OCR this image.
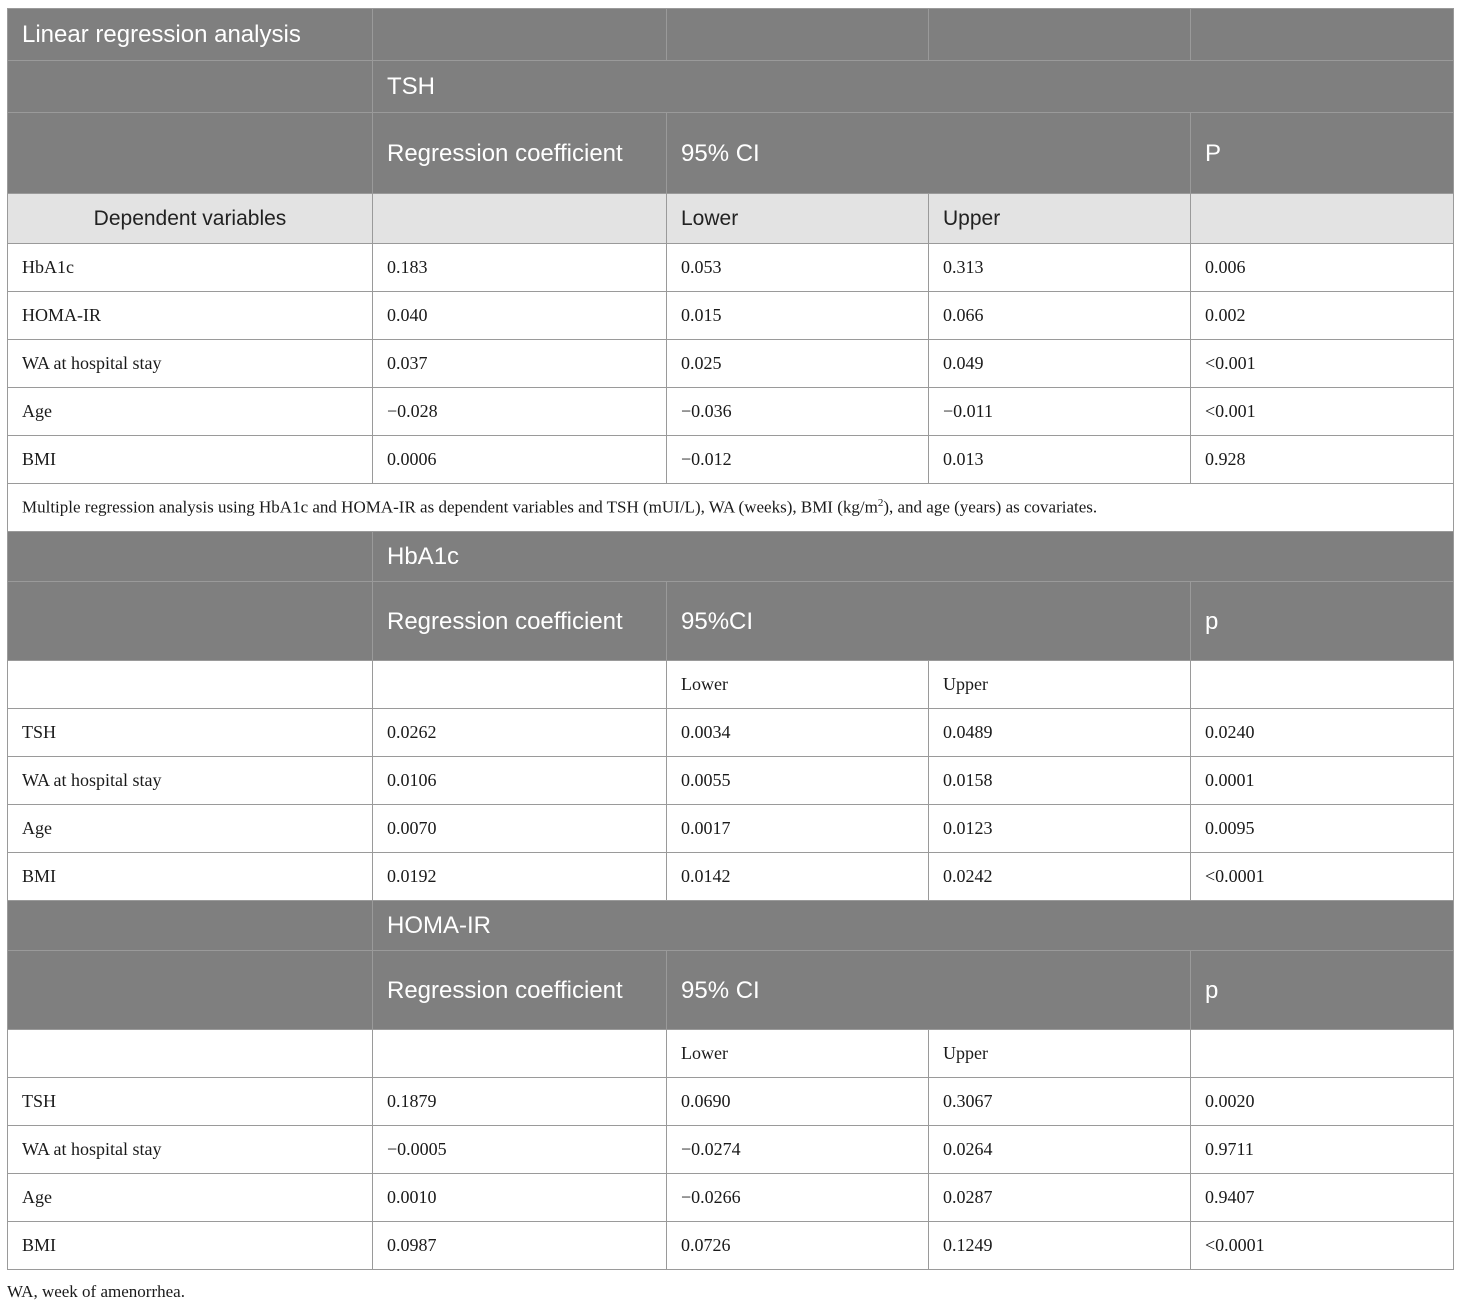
Linear regression analysis				
	TSH			
	Regression coefficient	95% CI		P
Dependent variables		Lower	Upper	
HbA1c	0.183	0.053	0.313	0.006
HOMA-IR	0.040	0.015	0.066	0.002
WA at hospital stay	0.037	0.025	0.049	<0.001
Age	−0.028	−0.036	−0.011	<0.001
BMI	0.0006	−0.012	0.013	0.928
Multiple regression analysis using HbA1c and HOMA-IR as dependent variables and TSH (mUI/L), WA (weeks), BMI $(kg/m^2)$, and age (years) as covariates.				
	HbA1c			
	Regression coefficient	95%CI		p
		Lower	Upper	
TSH	0.0262	0.0034	0.0489	0.0240
WA at hospital stay	0.0106	0.0055	0.0158	0.0001
Age	0.0070	0.0017	0.0123	0.0095
BMI	0.0192	0.0142	0.0242	<0.0001
	HOMA-IR			
	Regression coefficient	95% CI		p
		Lower	Upper	
TSH	0.1879	0.0690	0.3067	0.0020
WA at hospital stay	−0.0005	−0.0274	0.0264	0.9711
Age	0.0010	−0.0266	0.0287	0.9407
BMI	0.0987	0.0726	0.1249	<0.0001
WA, week of amenorrhea.
